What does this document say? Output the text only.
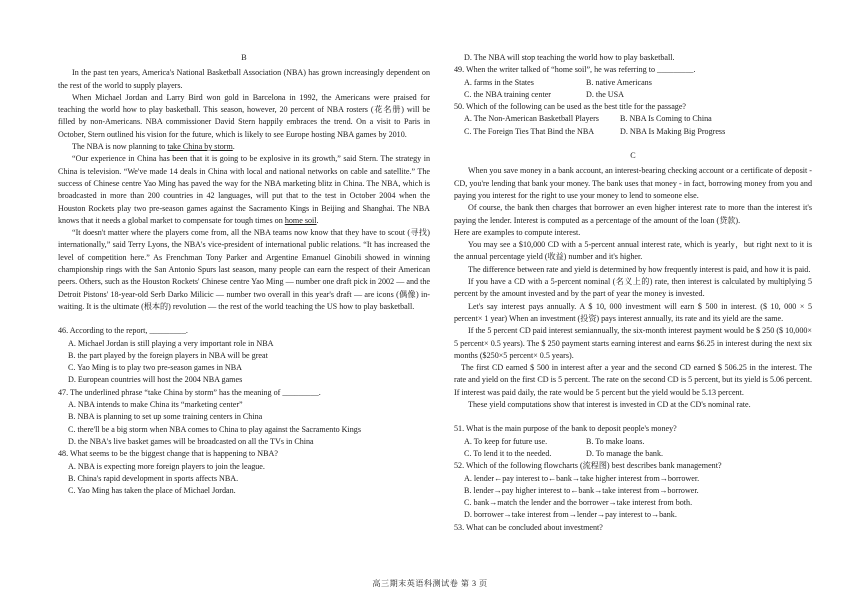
B

In the past ten years, America's National Basketball Association (NBA) has grown increasingly dependent on the rest of the world to supply players.

When Michael Jordan and Larry Bird won gold in Barcelona in 1992, the Americans were praised for teaching the world how to play basketball. This season, however, 20 percent of NBA rosters (花名册) will be filled by non-Americans. NBA commissioner David Stern happily embraces the trend. On a visit to Paris in October, Stern outlined his vision for the future, which is likely to see Europe hosting NBA games by 2010.

The NBA is now planning to take China by storm.

“Our experience in China has been that it is going to be explosive in its growth,” said Stern. The strategy in China is television. “We've made 14 deals in China with local and national networks on cable and satellite.” The success of Chinese centre Yao Ming has paved the way for the NBA marketing blitz in China. The NBA, which is broadcasted in more than 200 countries in 42 languages, will put that to the test in October 2004 when the Houston Rockets play two pre-season games against the Sacramento Kings in Beijing and Shanghai. The NBA knows that it needs a global market to compensate for tough times on home soil.

“It doesn't matter where the players come from, all the NBA teams now know that they have to scout (寻找) internationally,” said Terry Lyons, the NBA's vice-president of international public relations. “It has increased the level of competition here.” As Frenchman Tony Parker and Argentine Emanuel Ginobili showed in winning championship rings with the San Antonio Spurs last season, many people can earn the respect of their American peers. Others, such as the Houston Rockets' Chinese centre Yao Ming — number one draft pick in 2002 — and the Detroit Pistons' 18-year-old Serb Darko Milicic — number two overall in this year's draft — are icons (偶像) in-waiting. It is the ultimate (根本的) revolution — the rest of the world teaching the US how to play basketball.

46. According to the report, _________.

A. Michael Jordan is still playing a very important role in NBA

B. the part played by the foreign players in NBA will be great

C. Yao Ming is to play two pre-season games in NBA

D. European countries will host the 2004 NBA games

47. The underlined phrase “take China by storm” has the meaning of _________.

A. NBA intends to make China its “marketing center”

B. NBA is planning to set up some training centers in China

C. there'll be a big storm when NBA comes to China to play against the Sacramento Kings

D. the NBA's live basket games will be broadcasted on all the TVs in China

48. What seems to be the biggest change that is happening to NBA?

A. NBA is expecting more foreign players to join the league.

B. China's rapid development in sports affects NBA.

C. Yao Ming has taken the place of Michael Jordan.

D. The NBA will stop teaching the world how to play basketball.

49. When the writer talked of “home soil”, he was referring to _________.

A. farms in the States	B. native Americans
C. the NBA training center	D. the USA

50. Which of the following can be used as the best title for the passage?

A. The Non-American Basketball Players	B. NBA Is Coming to China
C. The Foreign Ties That Bind the NBA	D. NBA Is Making Big Progress

C

When you save money in a bank account, an interest-bearing checking account or a certificate of deposit -CD, you're lending that bank your money. The bank uses that money - in fact, borrowing money from you and paying you interest for the right to use your money to lend to someone else.

Of course, the bank then charges that borrower an even higher interest rate to more than the interest it's paying the lender. Interest is computed as a percentage of the amount of the loan (贷款).

Here are examples to compute interest.

You may see a $10,000 CD with a 5-percent annual interest rate, which is yearly，but right next to it is the annual percentage yield (收益) number and it's higher.

The difference between rate and yield is determined by how frequently interest is paid, and how it is paid.

If you have a CD with a 5-percent nominal (名义上的) rate, then interest is calculated by multiplying 5 percent by the amount invested and by the part of year the money is invested.

Let's say interest pays annually. A $ 10, 000 investment will earn $ 500 in interest. ($ 10, 000 × 5 percent× 1 year) When an investment (投资) pays interest annually, its rate and its yield are the same.

If the 5 percent CD paid interest semiannually, the six-month interest payment would be $ 250 ($ 10,000× 5 percent× 0.5 years). The $ 250 payment starts earning interest and earns $6.25 in interest during the next six months ($250×5 percent× 0.5 years).

The first CD earned $ 500 in interest after a year and the second CD earned $ 506.25 in the interest. The rate and yield on the first CD is 5 percent. The rate on the second CD is 5 percent, but its yield is 5.06 percent. If interest was paid daily, the rate would be 5 percent but the yield would be 5.13 percent.

These yield computations show that interest is invested in CD at the CD's nominal rate.

51. What is the main purpose of the bank to deposit people's money?

A. To keep for future use.	B. To make loans.
C. To lend it to the needed.	D. To manage the bank.

52. Which of the following flowcharts (流程图) best describes bank management?

A. lender←pay interest to←bank→take higher interest from→borrower.

B. lender→pay higher interest to←bank→take interest from→borrower.

C. bank→match the lender and the borrower→take interest from both.

D. borrower→take interest from→lender→pay interest to→bank.

53. What can be concluded about investment?

高三期末英语科测试卷 第 3 页
